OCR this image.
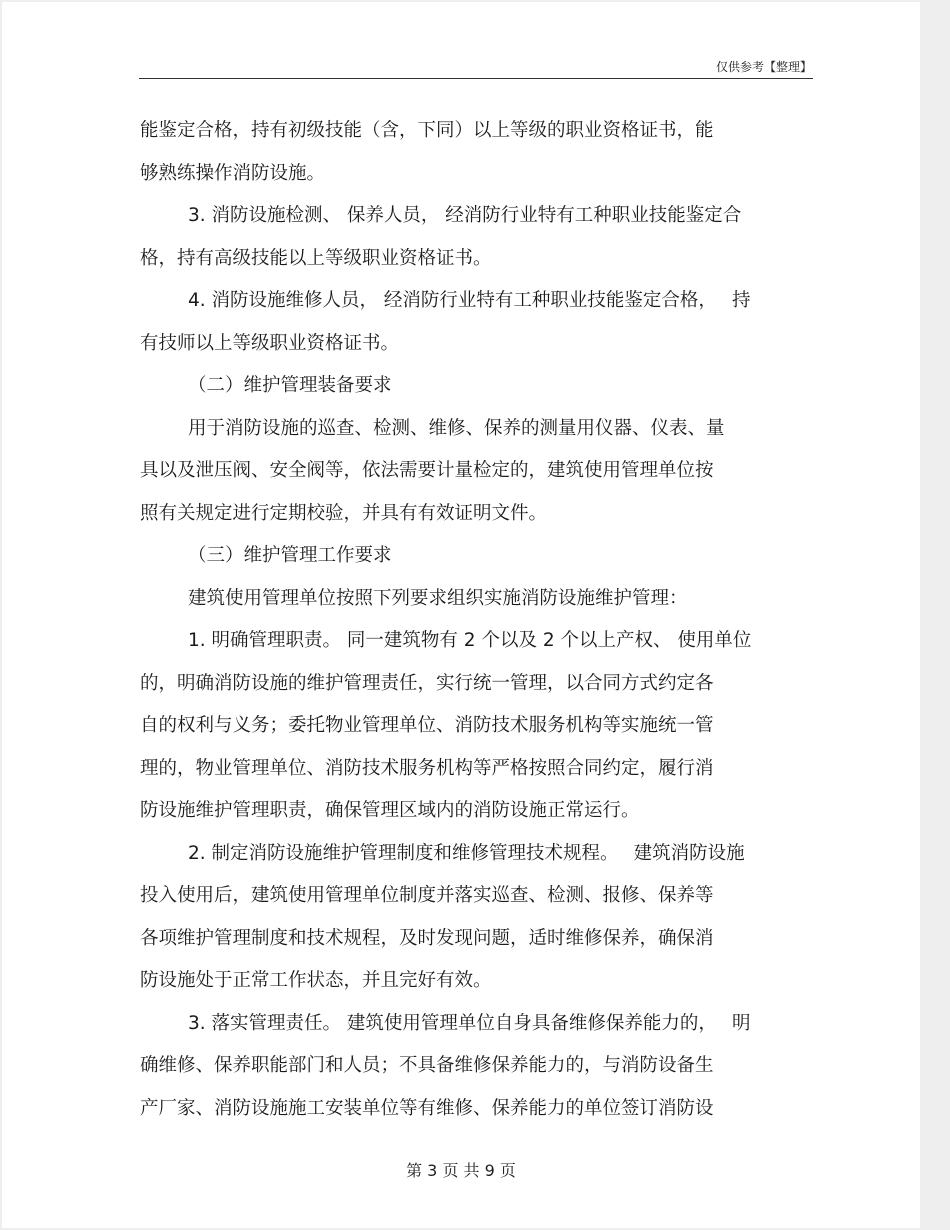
仅供参考【整理】
能鉴定合格，持有初级技能（含，下同）以上等级的职业资格证书，能
够熟练操作消防设施。
3. 消防设施检测、 保养人员， 经消防行业特有工种职业技能鉴定合
格，持有高级技能以上等级职业资格证书。
4. 消防设施维修人员， 经消防行业特有工种职业技能鉴定合格，　 持
有技师以上等级职业资格证书。
（二）维护管理装备要求
用于消防设施的巡查、检测、维修、保养的测量用仪器、仪表、量
具以及泄压阀、安全阀等，依法需要计量检定的，建筑使用管理单位按
照有关规定进行定期校验，并具有有效证明文件。
（三）维护管理工作要求
建筑使用管理单位按照下列要求组织实施消防设施维护管理：
1. 明确管理职责。 同一建筑物有 2 个以及 2 个以上产权、 使用单位
的，明确消防设施的维护管理责任，实行统一管理，以合同方式约定各
自的权利与义务；委托物业管理单位、消防技术服务机构等实施统一管
理的，物业管理单位、消防技术服务机构等严格按照合同约定，履行消
防设施维护管理职责，确保管理区域内的消防设施正常运行。
2. 制定消防设施维护管理制度和维修管理技术规程。　 建筑消防设施
投入使用后，建筑使用管理单位制度并落实巡查、检测、报修、保养等
各项维护管理制度和技术规程，及时发现问题，适时维修保养，确保消
防设施处于正常工作状态，并且完好有效。
3. 落实管理责任。 建筑使用管理单位自身具备维修保养能力的，　 明
确维修、保养职能部门和人员；不具备维修保养能力的，与消防设备生
产厂家、消防设施施工安装单位等有维修、保养能力的单位签订消防设
第 3 页 共 9 页
